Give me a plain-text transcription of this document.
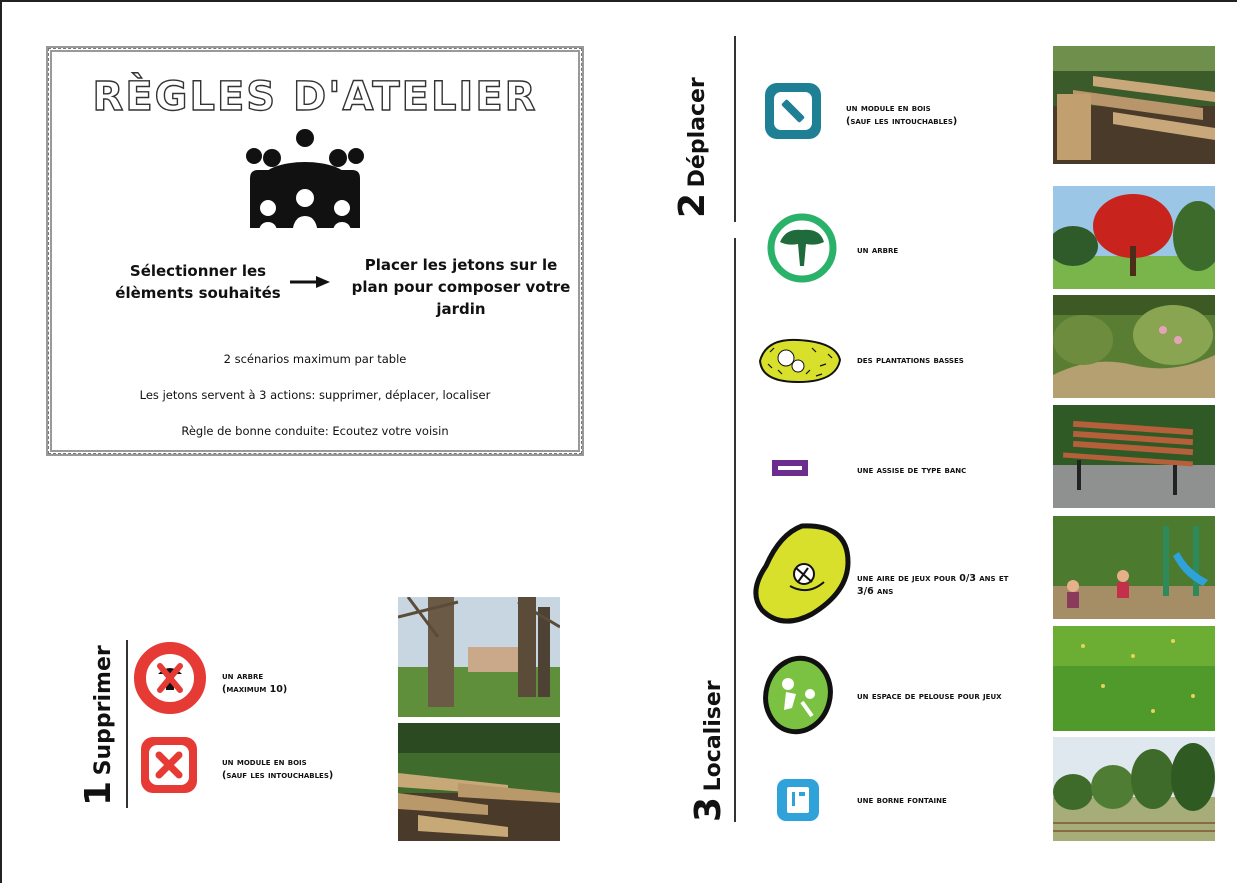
RÈGLES D'ATELIER
Sélectionner les élèments souhaités
Placer les jetons sur le plan pour composer votre jardin
2 scénarios maximum par table
Les jetons servent à 3 actions: supprimer, déplacer, localiser
Règle de bonne conduite: Ecoutez votre voisin
1 Supprimer	un arbre
(maximum 10)
un module en bois
(sauf les intouchables)
2 Déplacer	un module en bois
(sauf les intouchables)
3 Localiser
un arbre
des plantations basses
une assise de type banc
une aire de jeux pour 0/3 ans et
3/6 ans
un espace de pelouse pour jeux
une borne fontaine
